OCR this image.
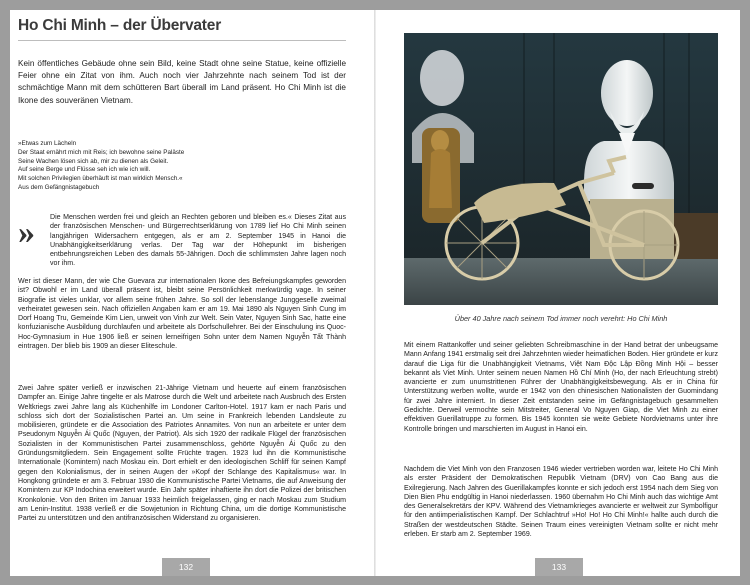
Ho Chi Minh – der Übervater

Kein öffentliches Gebäude ohne sein Bild, keine Stadt ohne seine Statue, keine offizielle Feier ohne ein Zitat von ihm. Auch noch vier Jahrzehnte nach seinem Tod ist der schmächtige Mann mit dem schütteren Bart überall im Land präsent. Ho Chi Minh ist die Ikone des souveränen Vietnam.

»Etwas zum Lächeln
Der Staat ernährt mich mit Reis; ich bewohne seine Paläste
Seine Wachen lösen sich ab, mir zu dienen als Geleit.
Auf seine Berge und Flüsse seh ich wie ich will.
Mit solchen Privilegien überhäuft ist man wirklich Mensch.«
Aus dem Gefängnistagebuch
»	Die Menschen werden frei und gleich an Rechten geboren und bleiben es.« Dieses Zitat aus der französischen Menschen- und Bürgerrechtserklärung von 1789 lief Ho Chi Minh seinen langjährigen Widersachern entgegen, als er am 2. September 1945 in Hanoi die Unabhängigkeitserklärung verlas. Der Tag war der Höhepunkt im bisherigen entbehrungsreichen Leben des damals 55-Jährigen. Doch die schlimmsten Jahre lagen noch vor ihm.

Wer ist dieser Mann, der wie Che Guevara zur internationalen Ikone des Befreiungskampfes geworden ist? Obwohl er im Land überall präsent ist, bleibt seine Persönlichkeit merkwürdig vage. In seiner Biografie ist vieles unklar, vor allem seine frühen Jahre. So soll der lebenslange Junggeselle zweimal verheiratet gewesen sein. Nach offiziellen Angaben kam er am 19. Mai 1890 als Nguyen Sinh Cung im Dorf Hoang Tru, Gemeinde Kim Lien, unweit von Vinh zur Welt. Sein Vater, Nguyen Sinh Sac, hatte eine konfuzianische Ausbildung durchlaufen und arbeitete als Dorfschullehrer. Bei der Einschulung ins Quoc-Hoc-Gymnasium in Hue 1906 ließ er seinen lerneifrigen Sohn unter dem Namen Nguyễn Tất Thành eintragen. Der blieb bis 1909 an dieser Eliteschule.

Zwei Jahre später verließ er inzwischen 21-Jährige Vietnam und heuerte auf einem französischen Dampfer an. Einige Jahre tingelte er als Matrose durch die Welt und arbeitete nach Ausbruch des Ersten Weltkriegs zwei Jahre lang als Küchenhilfe im Londoner Carlton-Hotel. 1917 kam er nach Paris und schloss sich dort der Sozialistischen Partei an. Um seine in Frankreich lebenden Landsleute zu mobilisieren, gründete er die Association des Patriotes Annamites. Von nun an arbeitete er unter dem Pseudonym Nguyễn Ái Quốc (Nguyen, der Patriot). Als sich 1920 der radikale Flügel der französischen Sozialisten in der Kommunistischen Partei zusammenschloss, gehörte Nguyễn Ái Quốc zu den Gründungsmitgliedern. Sein Engagement sollte Früchte tragen. 1923 lud ihn die Kommunistische Internationale (Komintern) nach Moskau ein. Dort erhielt er den ideologischen Schliff für seinen Kampf gegen den Kolonialismus, der in seinen Augen der »Kopf der Schlange des Kapitalismus« war. In Hongkong gründete er am 3. Februar 1930 die Kommunistische Partei Vietnams, die auf Anweisung der Komintern zur KP Indochina erweitert wurde. Ein Jahr später inhaftierte ihn dort die Polizei der britischen Kronkolonie. Von den Briten im Januar 1933 heimlich freigelassen, ging er nach Moskau zum Studium am Lenin-Institut. 1938 verließ er die Sowjetunion in Richtung China, um die dortige Kommunistische Partei zu unterstützen und den antifranzösischen Widerstand zu organisieren.

132
Über 40 Jahre nach seinem Tod immer noch verehrt: Ho Chi Minh

Mit einem Rattankoffer und seiner geliebten Schreibmaschine in der Hand betrat der unbeugsame Mann Anfang 1941 erstmalig seit drei Jahrzehnten wieder heimatlichen Boden. Hier gründete er kurz darauf die Liga für die Unabhängigkeit Vietnams, Việt Nam Độc Lập Đồng Minh Hội – besser bekannt als Viet Minh. Unter seinem neuen Namen Hồ Chí Minh (Ho, der nach Erleuchtung strebt) avancierte er zum unumstrittenen Führer der Unabhängigkeitsbewegung. Als er in China für Unterstützung werben wollte, wurde er 1942 von den chinesischen Nationalisten der Guomindang für zwei Jahre interniert. In dieser Zeit entstanden seine im Gefängnistagebuch gesammelten Gedichte. Derweil vermochte sein Mitstreiter, General Vo Nguyen Giap, die Viet Minh zu einer effektiven Guerillatruppe zu formen. Bis 1945 konnten sie weite Gebiete Nordvietnams unter ihre Kontrolle bringen und marschierten im August in Hanoi ein.

Nachdem die Viet Minh von den Franzosen 1946 wieder vertrieben worden war, leitete Ho Chi Minh als erster Präsident der Demokratischen Republik Vietnam (DRV) von Cao Bang aus die Exilregierung. Nach Jahren des Guerillakampfes konnte er sich jedoch erst 1954 nach dem Sieg von Dien Bien Phu endgültig in Hanoi niederlassen. 1960 übernahm Ho Chi Minh auch das wichtige Amt des Generalsekretärs der KPV. Während des Vietnamkrieges avancierte er weltweit zur Symbolfigur für den antiimperialistischen Kampf. Der Schlachtruf »Ho! Ho! Ho Chi Minh!« hallte auch durch die Straßen der westdeutschen Städte. Seinen Traum eines vereinigten Vietnam sollte er nicht mehr erleben. Er starb am 2. September 1969.

133
